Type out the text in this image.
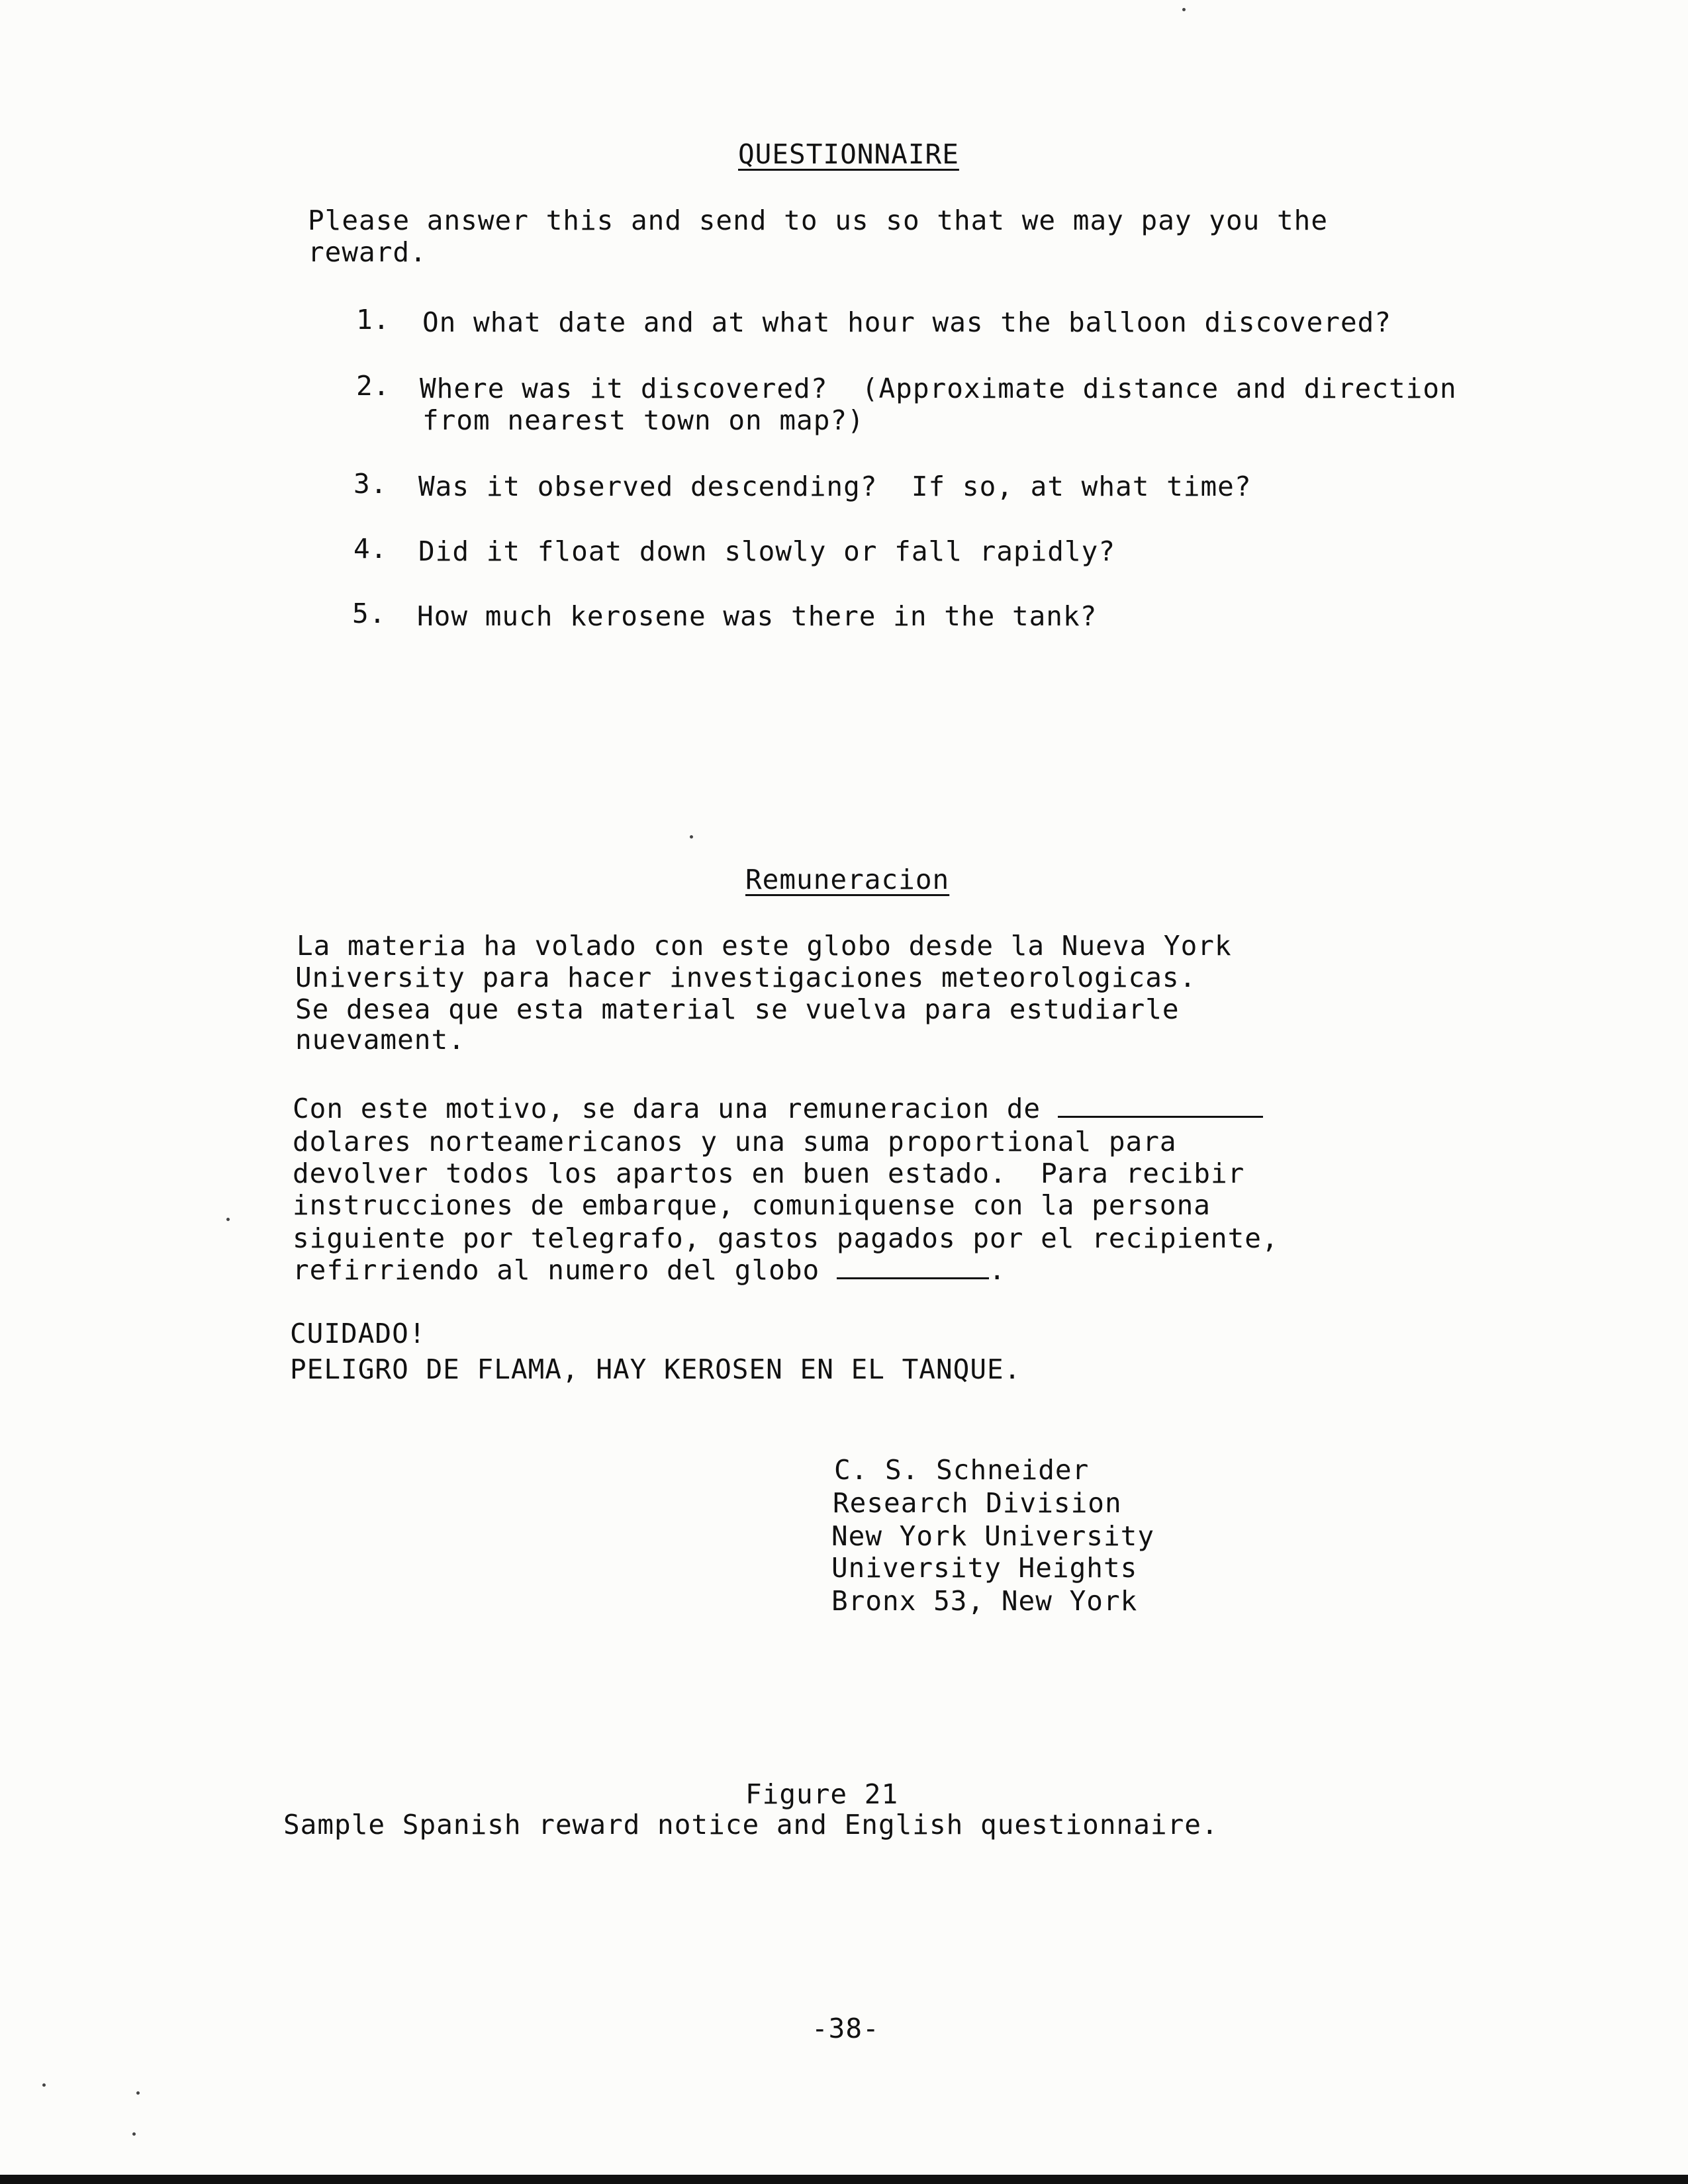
QUESTIONNAIRE
Please answer this and send to us so that we may pay you the
reward.
1. On what date and at what hour was the balloon discovered?
2. Where was it discovered?  (Approximate distance and direction
from nearest town on map?)
3. Was it observed descending?  If so, at what time?
4. Did it float down slowly or fall rapidly?
5. How much kerosene was there in the tank?
Remuneracion
La materia ha volado con este globo desde la Nueva York
University para hacer investigaciones meteorologicas.
Se desea que esta material se vuelva para estudiarle
nuevament.
Con este motivo, se dara una remuneracion de
dolares norteamericanos y una suma proportional para
devolver todos los apartos en buen estado.  Para recibir
instrucciones de embarque, comuniquense con la persona
siguiente por telegrafo, gastos pagados por el recipiente,
refirriendo al numero del globo	.
CUIDADO!
PELIGRO DE FLAMA, HAY KEROSEN EN EL TANQUE.
C. S. Schneider
Research Division
New York University
University Heights
Bronx 53, New York
Figure 21
Sample Spanish reward notice and English questionnaire.
-38-
